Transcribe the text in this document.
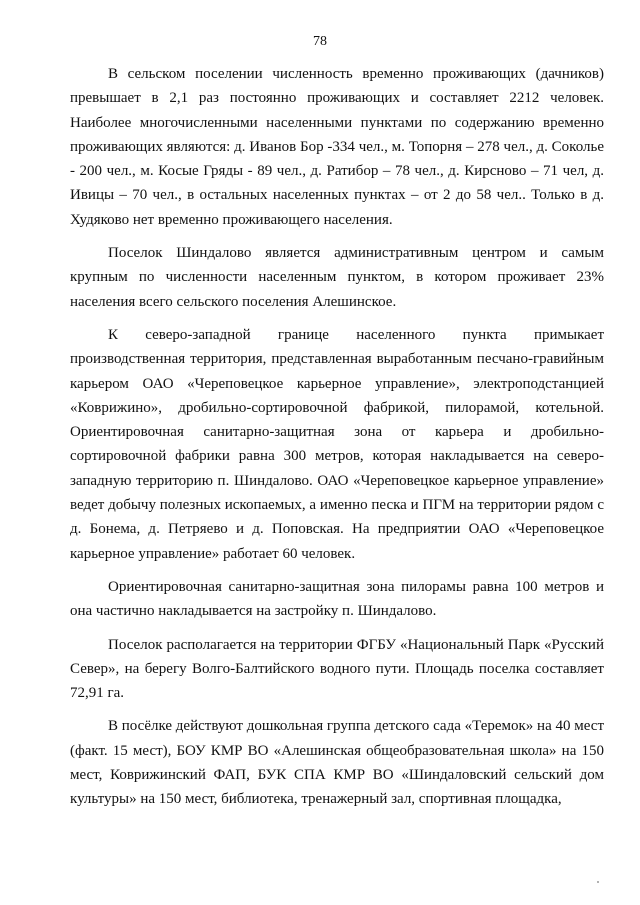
78

В сельском поселении численность временно проживающих (дачников) превышает в 2,1 раз постоянно проживающих и составляет 2212 человек. Наиболее многочисленными населенными пунктами по содержанию временно проживающих являются: д. Иванов Бор -334 чел., м. Топорня – 278 чел., д. Соколье - 200 чел., м. Косые Гряды - 89 чел., д. Ратибор – 78 чел., д. Кирсново – 71 чел, д. Ивицы – 70 чел., в остальных населенных пунктах – от 2 до 58 чел.. Только в д. Худяково нет временно проживающего населения.

Поселок Шиндалово является административным центром и самым крупным по численности населенным пунктом, в котором проживает 23% населения всего сельского поселения Алешинское.

К северо-западной границе населенного пункта примыкает производственная территория, представленная выработанным песчано-гравийным карьером ОАО «Череповецкое карьерное управление», электроподстанцией «Коврижино», дробильно-сортировочной фабрикой, пилорамой, котельной. Ориентировочная санитарно-защитная зона от карьера и дробильно-сортировочной фабрики равна 300 метров, которая накладывается на северо-западную территорию п. Шиндалово. ОАО «Череповецкое карьерное управление» ведет добычу полезных ископаемых, а именно песка и ПГМ на территории рядом с д. Бонема, д. Петряево и д. Поповская. На предприятии ОАО «Череповецкое карьерное управление» работает 60 человек.

Ориентировочная санитарно-защитная зона пилорамы равна 100 метров и она частично накладывается на застройку п. Шиндалово.

Поселок располагается на территории ФГБУ «Национальный Парк «Русский Север», на берегу Волго-Балтийского водного пути. Площадь поселка составляет 72,91 га.

В посёлке действуют дошкольная группа детского сада «Теремок» на 40 мест (факт. 15 мест), БОУ КМР ВО «Алешинская общеобразовательная школа» на 150 мест, Коврижинский ФАП, БУК СПА КМР ВО «Шиндаловский сельский дом культуры» на 150 мест, библиотека, тренажерный зал, спортивная площадка,
